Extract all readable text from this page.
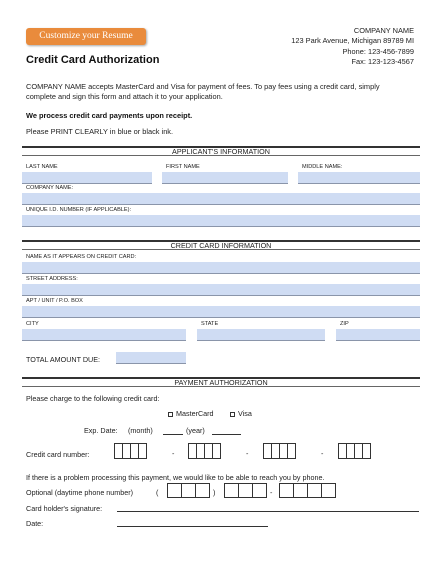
Customize your Resume
Credit Card Authorization
COMPANY NAME
123 Park Avenue, Michigan 89789 MI
Phone: 123-456-7899
Fax: 123-123-4567
COMPANY NAME accepts MasterCard and Visa for payment of fees. To pay fees using a credit card, simply
complete and sign this form and attach it to your application.
We process credit card payments upon receipt.
Please PRINT CLEARLY in blue or black ink.
APPLICANT'S INFORMATION
LAST NAME	FIRST NAME	MIDDLE NAME:
COMPANY NAME:
UNIQUE I.D. NUMBER (IF APPLICABLE):
CREDIT CARD INFORMATION
NAME AS IT APPEARS ON CREDIT CARD:
STREET ADDRESS:
APT / UNIT / P.O. BOX
CITY	STATE	ZIP
TOTAL AMOUNT DUE:
PAYMENT AUTHORIZATION
Please charge to the following credit card:
MasterCard	Visa
Exp. Date: (month)	(year)
Credit card number:	-	-	-
If there is a problem processing this payment, we would like to be able to reach you by phone.
Optional (daytime phone number)	(	)	-
Card holder's signature:
Date:
